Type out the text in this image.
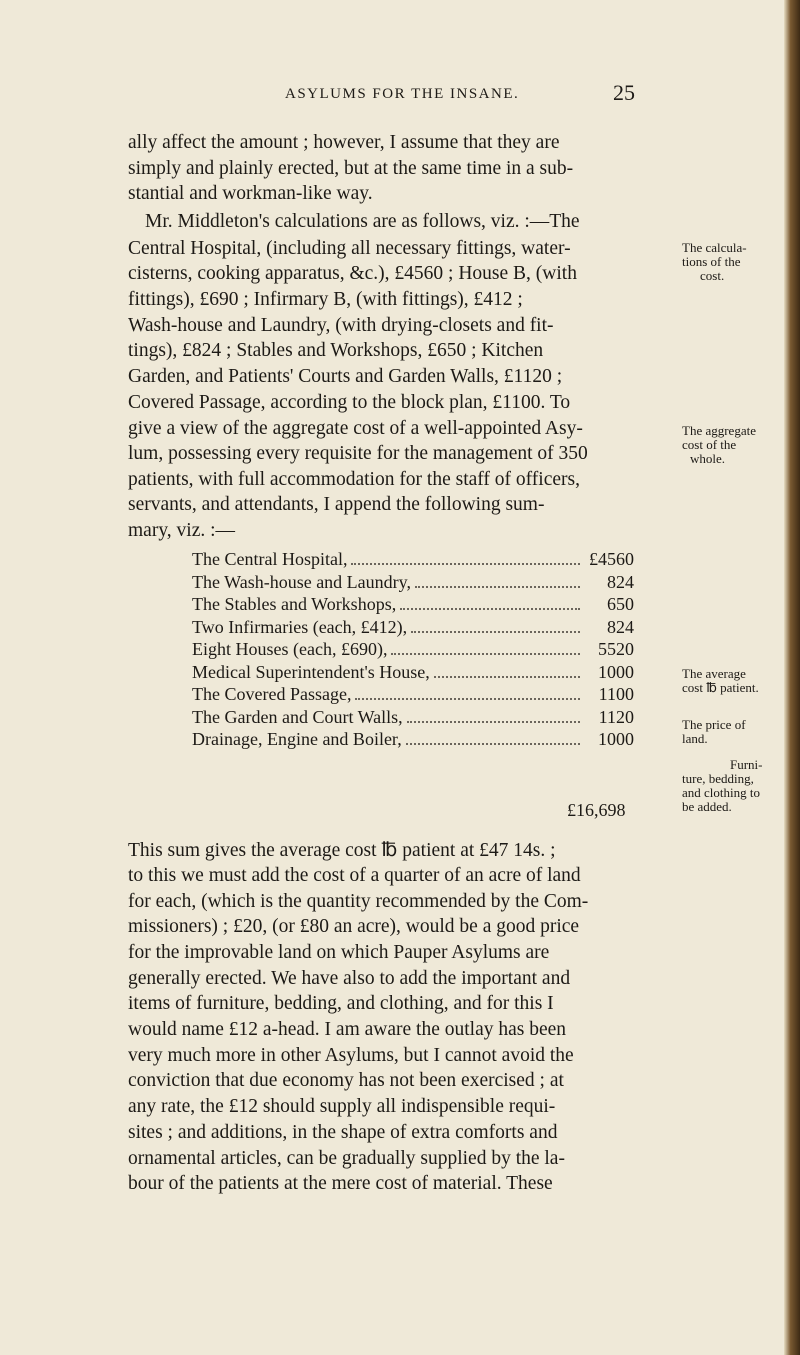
ASYLUMS FOR THE INSANE.	25
ally affect the amount ; however, I assume that they are
simply and plainly erected, but at the same time in a sub-
stantial and workman-like way.
Mr. Middleton's calculations are as follows, viz. :—The
Central Hospital, (including all necessary fittings, water-
cisterns, cooking apparatus, &c.), £4560 ; House B, (with
fittings), £690 ; Infirmary B, (with fittings), £412 ;
Wash-house and Laundry, (with drying-closets and fit-
tings), £824 ; Stables and Workshops, £650 ; Kitchen
Garden, and Patients' Courts and Garden Walls, £1120 ;
Covered Passage, according to the block plan, £1100. To
give a view of the aggregate cost of a well-appointed Asy-
lum, possessing every requisite for the management of 350
patients, with full accommodation for the staff of officers,
servants, and attendants, I append the following sum-
mary, viz. :—
The calcula-
tions of the
cost.
The aggregate
cost of the
whole.
The average
cost ℔ patient.
The price of
land.
Furni-
ture, bedding,
and clothing to
be added.
The Central Hospital,	£4560
The Wash-house and Laundry,	824
The Stables and Workshops,	650
Two Infirmaries (each, £412),	824
Eight Houses (each, £690),	5520
Medical Superintendent's House,	1000
The Covered Passage,	1100
The Garden and Court Walls,	1120
Drainage, Engine and Boiler,	1000
£16,698
This sum gives the average cost ℔ patient at £47 14s. ;
to this we must add the cost of a quarter of an acre of land
for each, (which is the quantity recommended by the Com-
missioners) ; £20, (or £80 an acre), would be a good price
for the improvable land on which Pauper Asylums are
generally erected. We have also to add the important and
items of furniture, bedding, and clothing, and for this I
would name £12 a-head. I am aware the outlay has been
very much more in other Asylums, but I cannot avoid the
conviction that due economy has not been exercised ; at
any rate, the £12 should supply all indispensible requi-
sites ; and additions, in the shape of extra comforts and
ornamental articles, can be gradually supplied by the la-
bour of the patients at the mere cost of material. These
